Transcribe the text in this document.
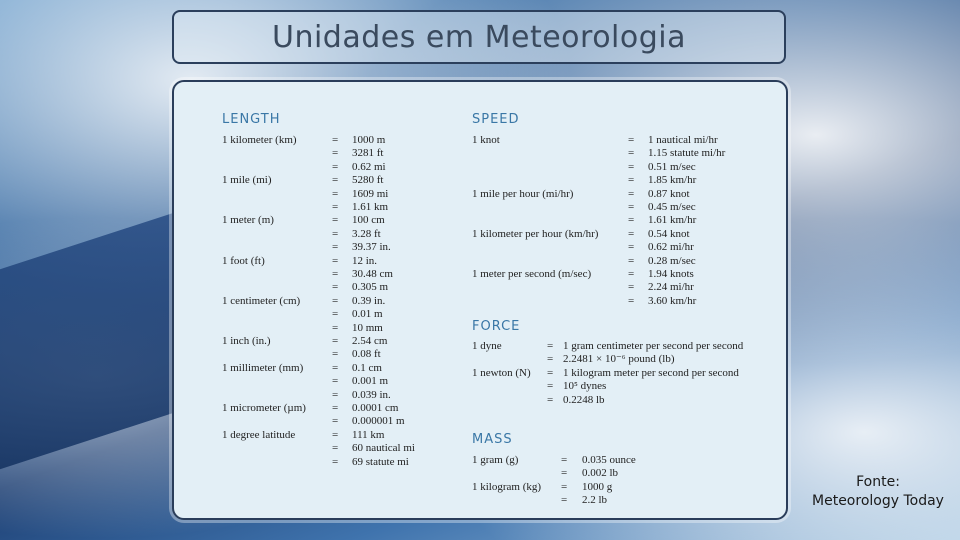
Unidades em Meteorologia
LENGTH
1 kilometer (km)	= 1000 m
= 3281 ft
= 0.62 mi
1 mile (mi)	= 5280 ft
= 1609 mi
= 1.61 km
1 meter (m)	= 100 cm
= 3.28 ft
= 39.37 in.
1 foot (ft)	= 12 in.
= 30.48 cm
= 0.305 m
1 centimeter (cm)	= 0.39 in.
= 0.01 m
= 10 mm
1 inch (in.)	= 2.54 cm
= 0.08 ft
1 millimeter (mm)	= 0.1 cm
= 0.001 m
= 0.039 in.
1 micrometer (µm) = 0.0001 cm
= 0.000001 m
1 degree latitude	= 111 km
= 60 nautical mi
= 69 statute mi
SPEED
1 knot	= 1 nautical mi/hr
= 1.15 statute mi/hr
= 0.51 m/sec
= 1.85 km/hr
1 mile per hour (mi/hr)	= 0.87 knot
= 0.45 m/sec
= 1.61 km/hr
1 kilometer per hour (km/hr)	= 0.54 knot
= 0.62 mi/hr
= 0.28 m/sec
1 meter per second (m/sec)	= 1.94 knots
= 2.24 mi/hr
= 3.60 km/hr
FORCE
1 dyne	= 1 gram centimeter per second per second
= 2.2481 × 10⁻⁶ pound (lb)
1 newton (N) = 1 kilogram meter per second per second
= 10⁵ dynes
= 0.2248 lb
MASS
1 gram (g)	= 0.035 ounce
= 0.002 lb
1 kilogram (kg) = 1000 g
= 2.2 lb
Fonte:
Meteorology Today
